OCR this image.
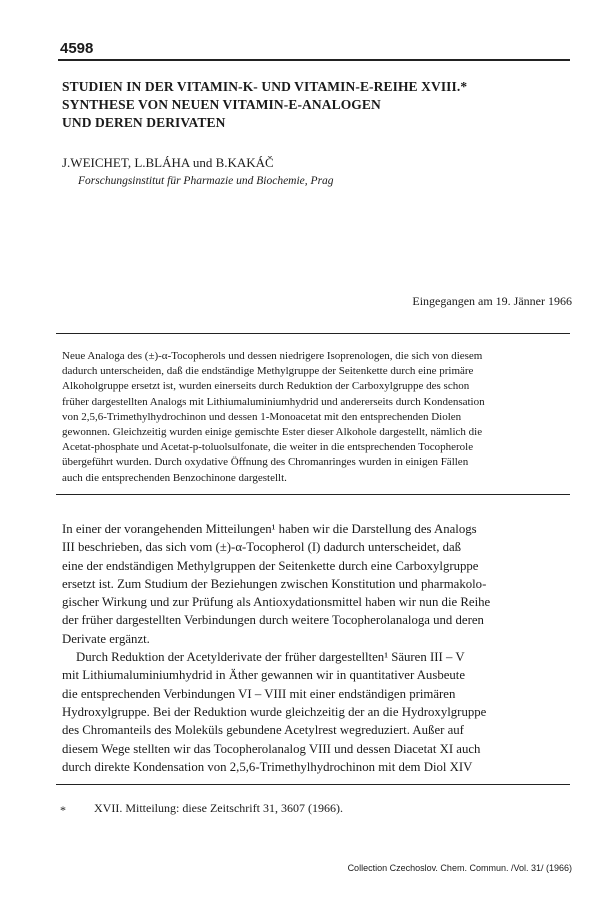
4598
STUDIEN IN DER VITAMIN-K- UND VITAMIN-E-REIHE XVIII.*
SYNTHESE VON NEUEN VITAMIN-E-ANALOGEN
UND DEREN DERIVATEN
J.WEICHET, L.BLÁHA und B.KAKÁČ
Forschungsinstitut für Pharmazie und Biochemie, Prag
Eingegangen am 19. Jänner 1966
Neue Analoga des (±)-α-Tocopherols und dessen niedrigere Isoprenologen, die sich von diesem
dadurch unterscheiden, daß die endständige Methylgruppe der Seitenkette durch eine primäre
Alkoholgruppe ersetzt ist, wurden einerseits durch Reduktion der Carboxylgruppe des schon
früher dargestellten Analogs mit Lithiumaluminiumhydrid und andererseits durch Kondensation
von 2,5,6-Trimethylhydrochinon und dessen 1-Monoacetat mit den entsprechenden Diolen
gewonnen. Gleichzeitig wurden einige gemischte Ester dieser Alkohole dargestellt, nämlich die
Acetat-phosphate und Acetat-p-toluolsulfonate, die weiter in die entsprechenden Tocopherole
übergeführt wurden. Durch oxydative Öffnung des Chromanringes wurden in einigen Fällen
auch die entsprechenden Benzochinone dargestellt.
In einer der vorangehenden Mitteilungen¹ haben wir die Darstellung des Analogs
III beschrieben, das sich vom (±)-α-Tocopherol (I) dadurch unterscheidet, daß
eine der endständigen Methylgruppen der Seitenkette durch eine Carboxylgruppe
ersetzt ist. Zum Studium der Beziehungen zwischen Konstitution und pharmakolo-
gischer Wirkung und zur Prüfung als Antioxydationsmittel haben wir nun die Reihe
der früher dargestellten Verbindungen durch weitere Tocopherolanaloga und deren
Derivate ergänzt.
Durch Reduktion der Acetylderivate der früher dargestellten¹ Säuren III – V
mit Lithiumaluminiumhydrid in Äther gewannen wir in quantitativer Ausbeute
die entsprechenden Verbindungen VI – VIII mit einer endständigen primären
Hydroxylgruppe. Bei der Reduktion wurde gleichzeitig der an die Hydroxylgruppe
des Chromanteils des Moleküls gebundene Acetylrest wegreduziert. Außer auf
diesem Wege stellten wir das Tocopherolanalog VIII und dessen Diacetat XI auch
durch direkte Kondensation von 2,5,6-Trimethylhydrochinon mit dem Diol XIV
* XVII. Mitteilung: diese Zeitschrift 31, 3607 (1966).
Collection Czechoslov. Chem. Commun. /Vol. 31/ (1966)
